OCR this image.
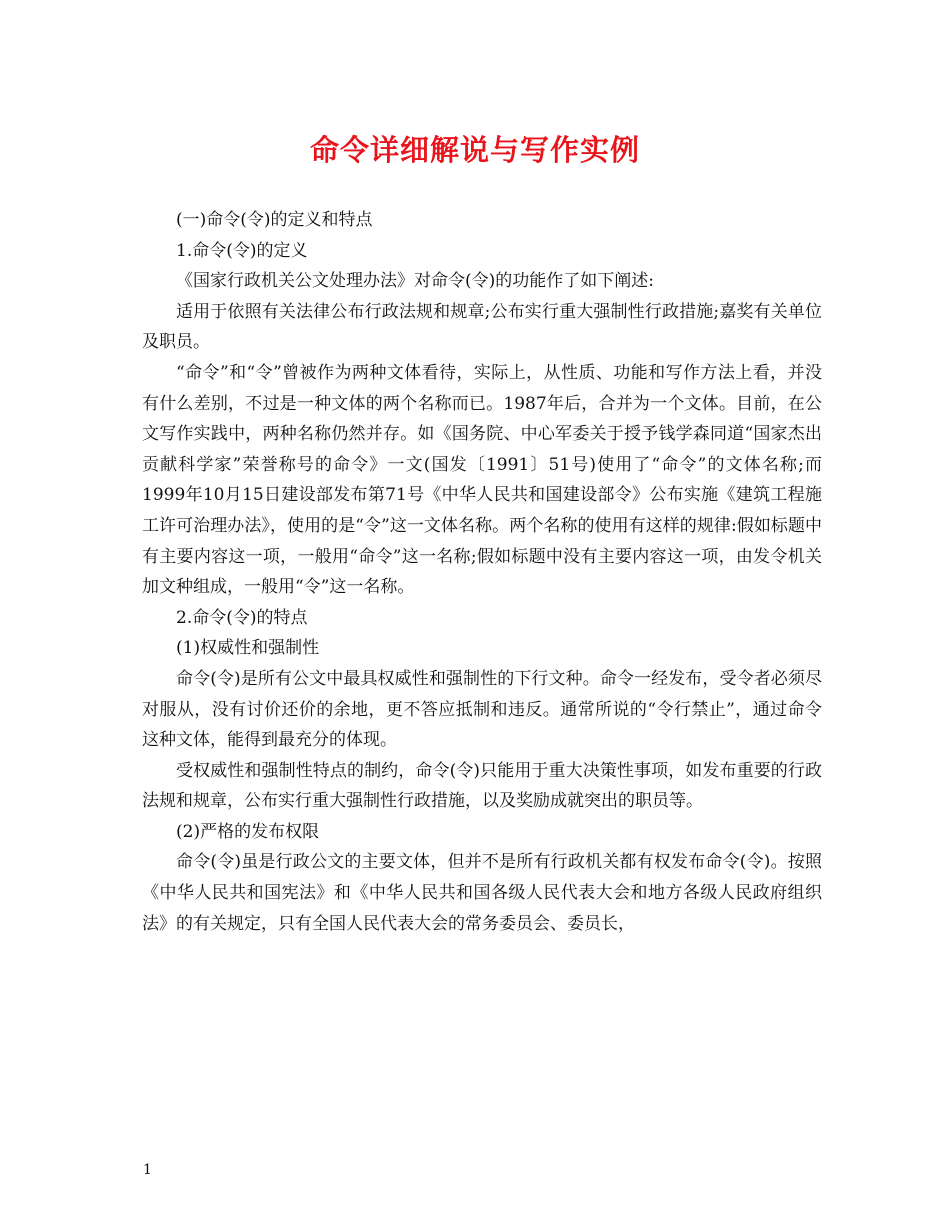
命令详细解说与写作实例

(一)命令(令)的定义和特点

1.命令(令)的定义

《国家行政机关公文处理办法》对命令(令)的功能作了如下阐述:

适用于依照有关法律公布行政法规和规章;公布实行重大强制性行政措施;嘉奖有关单位及职员。

“命令”和“令”曾被作为两种文体看待，实际上，从性质、功能和写作方法上看，并没有什么差别，不过是一种文体的两个名称而已。1987年后，合并为一个文体。目前，在公文写作实践中，两种名称仍然并存。如《国务院、中心军委关于授予钱学森同道“国家杰出贡献科学家”荣誉称号的命令》一文(国发〔1991〕51号)使用了“命令”的文体名称;而1999年10月15日建设部发布第71号《中华人民共和国建设部令》公布实施《建筑工程施工许可治理办法》，使用的是“令”这一文体名称。两个名称的使用有这样的规律:假如标题中有主要内容这一项，一般用“命令”这一名称;假如标题中没有主要内容这一项，由发令机关加文种组成，一般用“令”这一名称。

2.命令(令)的特点

(1)权威性和强制性

命令(令)是所有公文中最具权威性和强制性的下行文种。命令一经发布，受令者必须尽对服从，没有讨价还价的余地，更不答应抵制和违反。通常所说的“令行禁止”，通过命令这种文体，能得到最充分的体现。

受权威性和强制性特点的制约，命令(令)只能用于重大决策性事项，如发布重要的行政法规和规章，公布实行重大强制性行政措施，以及奖励成就突出的职员等。

(2)严格的发布权限

命令(令)虽是行政公文的主要文体，但并不是所有行政机关都有权发布命令(令)。按照《中华人民共和国宪法》和《中华人民共和国各级人民代表大会和地方各级人民政府组织法》的有关规定，只有全国人民代表大会的常务委员会、委员长，

1
